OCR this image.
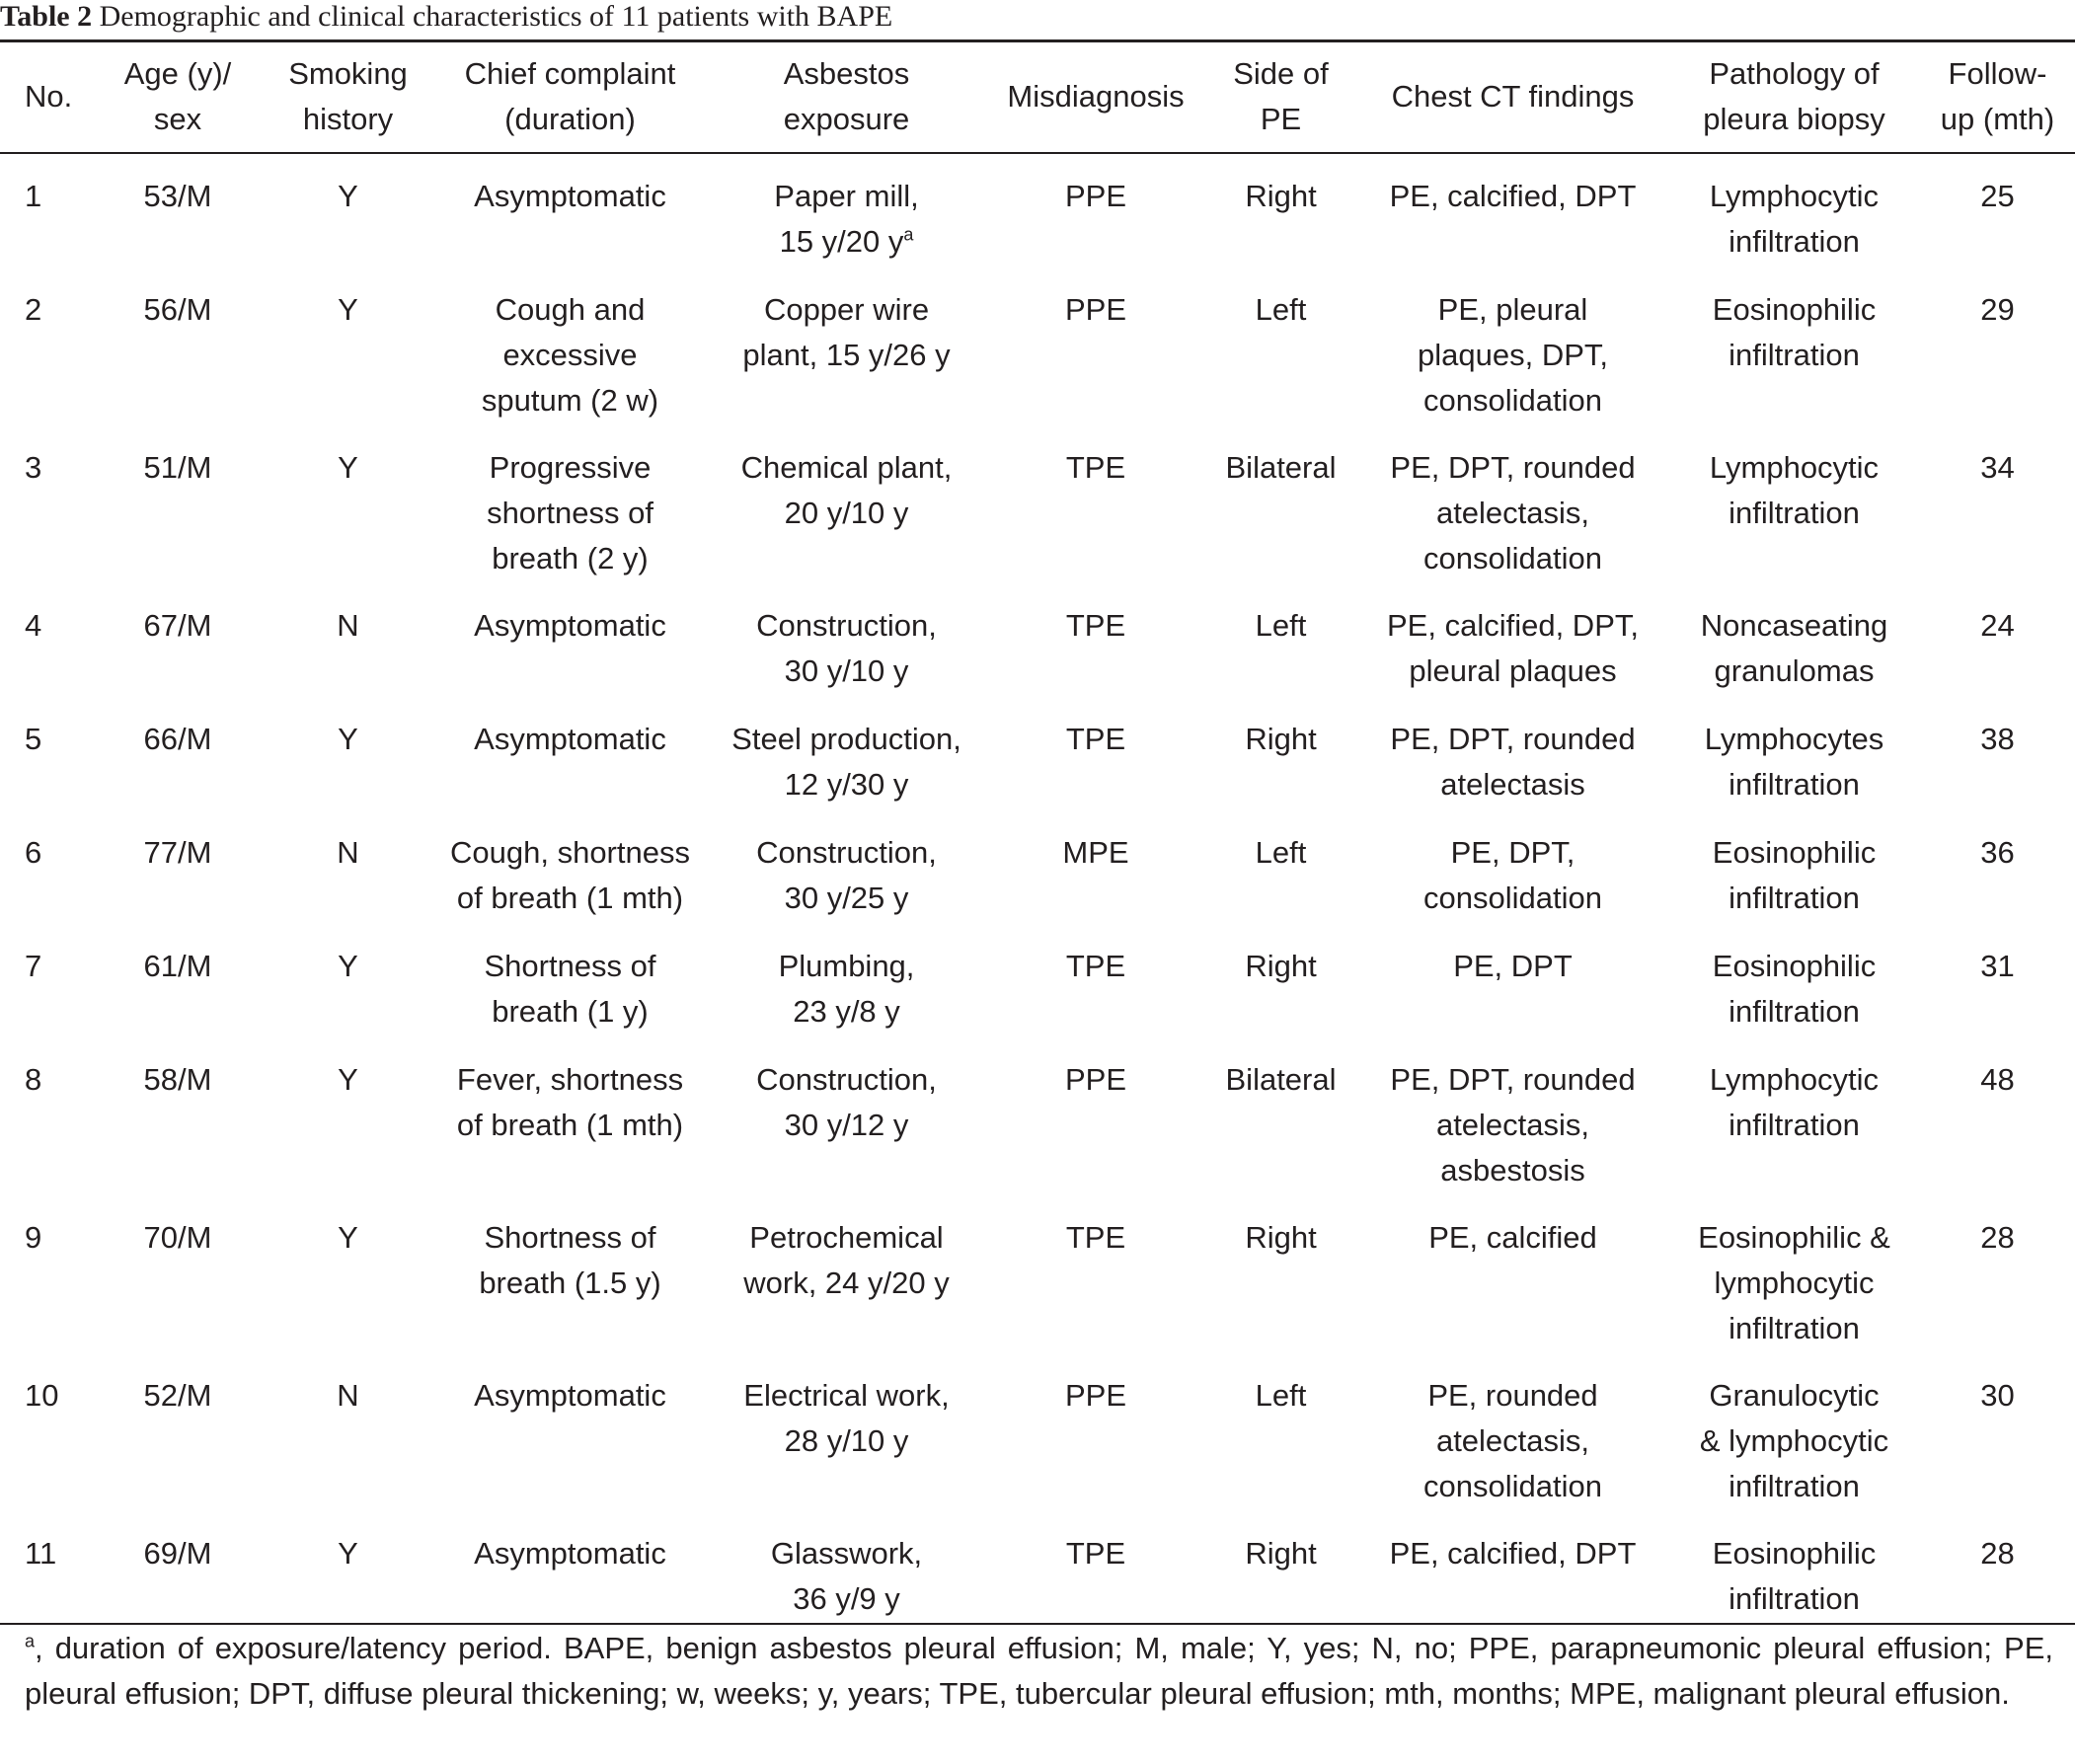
Table 2 Demographic and clinical characteristics of 11 patients with BAPE
No.	Age (y)/
sex	Smoking
history	Chief complaint
(duration)	Asbestos
exposure	Misdiagnosis	Side of
PE	Chest CT findings	Pathology of
pleura biopsy	Follow-
up (mth)
1	53/M	Y	Asymptomatic	Paper mill,
15 y/20 $y^a$	PPE	Right	PE, calcified, DPT	Lymphocytic
infiltration	25
2	56/M	Y	Cough and
excessive
sputum (2 w)	Copper wire
plant, 15 y/26 y	PPE	Left	PE, pleural
plaques, DPT,
consolidation	Eosinophilic
infiltration	29
3	51/M	Y	Progressive
shortness of
breath (2 y)	Chemical plant,
20 y/10 y	TPE	Bilateral	PE, DPT, rounded
atelectasis,
consolidation	Lymphocytic
infiltration	34
4	67/M	N	Asymptomatic	Construction,
30 y/10 y	TPE	Left	PE, calcified, DPT,
pleural plaques	Noncaseating
granulomas	24
5	66/M	Y	Asymptomatic	Steel production,
12 y/30 y	TPE	Right	PE, DPT, rounded
atelectasis	Lymphocytes
infiltration	38
6	77/M	N	Cough, shortness
of breath (1 mth)	Construction,
30 y/25 y	MPE	Left	PE, DPT,
consolidation	Eosinophilic
infiltration	36
7	61/M	Y	Shortness of
breath (1 y)	Plumbing,
23 y/8 y	TPE	Right	PE, DPT	Eosinophilic
infiltration	31
8	58/M	Y	Fever, shortness
of breath (1 mth)	Construction,
30 y/12 y	PPE	Bilateral	PE, DPT, rounded
atelectasis,
asbestosis	Lymphocytic
infiltration	48
9	70/M	Y	Shortness of
breath (1.5 y)	Petrochemical
work, 24 y/20 y	TPE	Right	PE, calcified	Eosinophilic &
lymphocytic
infiltration	28
10	52/M	N	Asymptomatic	Electrical work,
28 y/10 y	PPE	Left	PE, rounded
atelectasis,
consolidation	Granulocytic
& lymphocytic
infiltration	30
11	69/M	Y	Asymptomatic	Glasswork,
36 y/9 y	TPE	Right	PE, calcified, DPT	Eosinophilic
infiltration	28
$^a$, duration of exposure/latency period. BAPE, benign asbestos pleural effusion; M, male; Y, yes; N, no; PPE, parapneumonic pleural effusion; PE, pleural effusion; DPT, diffuse pleural thickening; w, weeks; y, years; TPE, tubercular pleural effusion; mth, months; MPE, malignant pleural effusion.
